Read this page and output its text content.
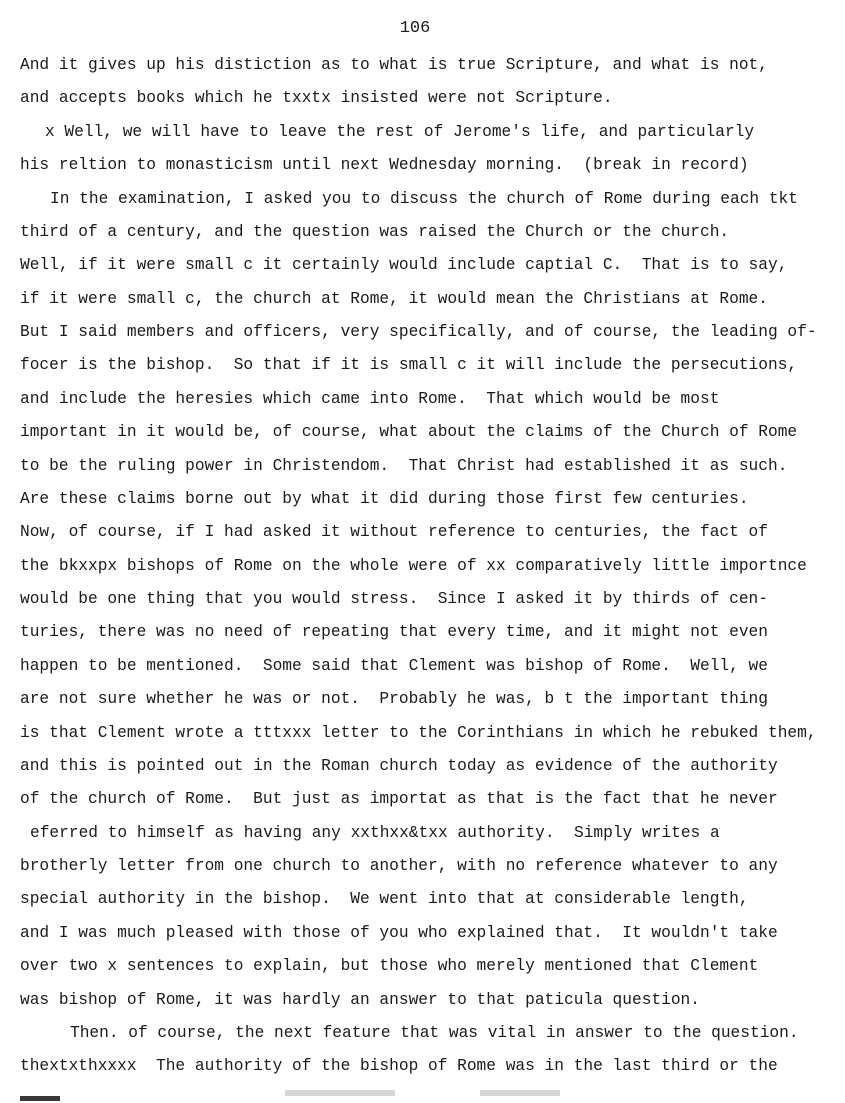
106
And it gives up his distiction as to what is true Scripture, and what is not,
and accepts books which he txxtx insisted were not Scripture.
x Well, we will have to leave the rest of Jerome's life, and particularly
his reltion to monasticism until next Wednesday morning.  (break in record)
In the examination, I asked you to discuss the church of Rome during each tkt
third of a century, and the question was raised the Church or the church.
Well, if it were small c it certainly would include captial C.  That is to say,
if it were small c, the church at Rome, it would mean the Christians at Rome.
But I said members and officers, very specifically, and of course, the leading of-
focer is the bishop.  So that if it is small c it will include the persecutions,
and include the heresies which came into Rome.  That which would be most
important in it would be, of course, what about the claims of the Church of Rome
to be the ruling power in Christendom.  That Christ had established it as such.
Are these claims borne out by what it did during those first few centuries.
Now, of course, if I had asked it without reference to centuries, the fact of
the bkxxpx bishops of Rome on the whole were of xx comparatively little importnce
would be one thing that you would stress.  Since I asked it by thirds of cen-
turies, there was no need of repeating that every time, and it might not even
happen to be mentioned.  Some said that Clement was bishop of Rome.  Well, we
are not sure whether he was or not.  Probably he was, b t the important thing
is that Clement wrote a tttxxx letter to the Corinthians in which he rebuked them,
and this is pointed out in the Roman church today as evidence of the authority
of the church of Rome.  But just as importat as that is the fact that he never
eferred to himself as having any xxthxx&txx authority.  Simply writes a
brotherly letter from one church to another, with no reference whatever to any
special authority in the bishop.  We went into that at considerable length,
and I was much pleased with those of you who explained that.  It wouldn't take
over two x sentences to explain, but those who merely mentioned that Clement
was bishop of Rome, it was hardly an answer to that paticula question.
Then. of course, the next feature that was vital in answer to the question.
thextxthxxxx  The authority of the bishop of Rome was in the last third or the
